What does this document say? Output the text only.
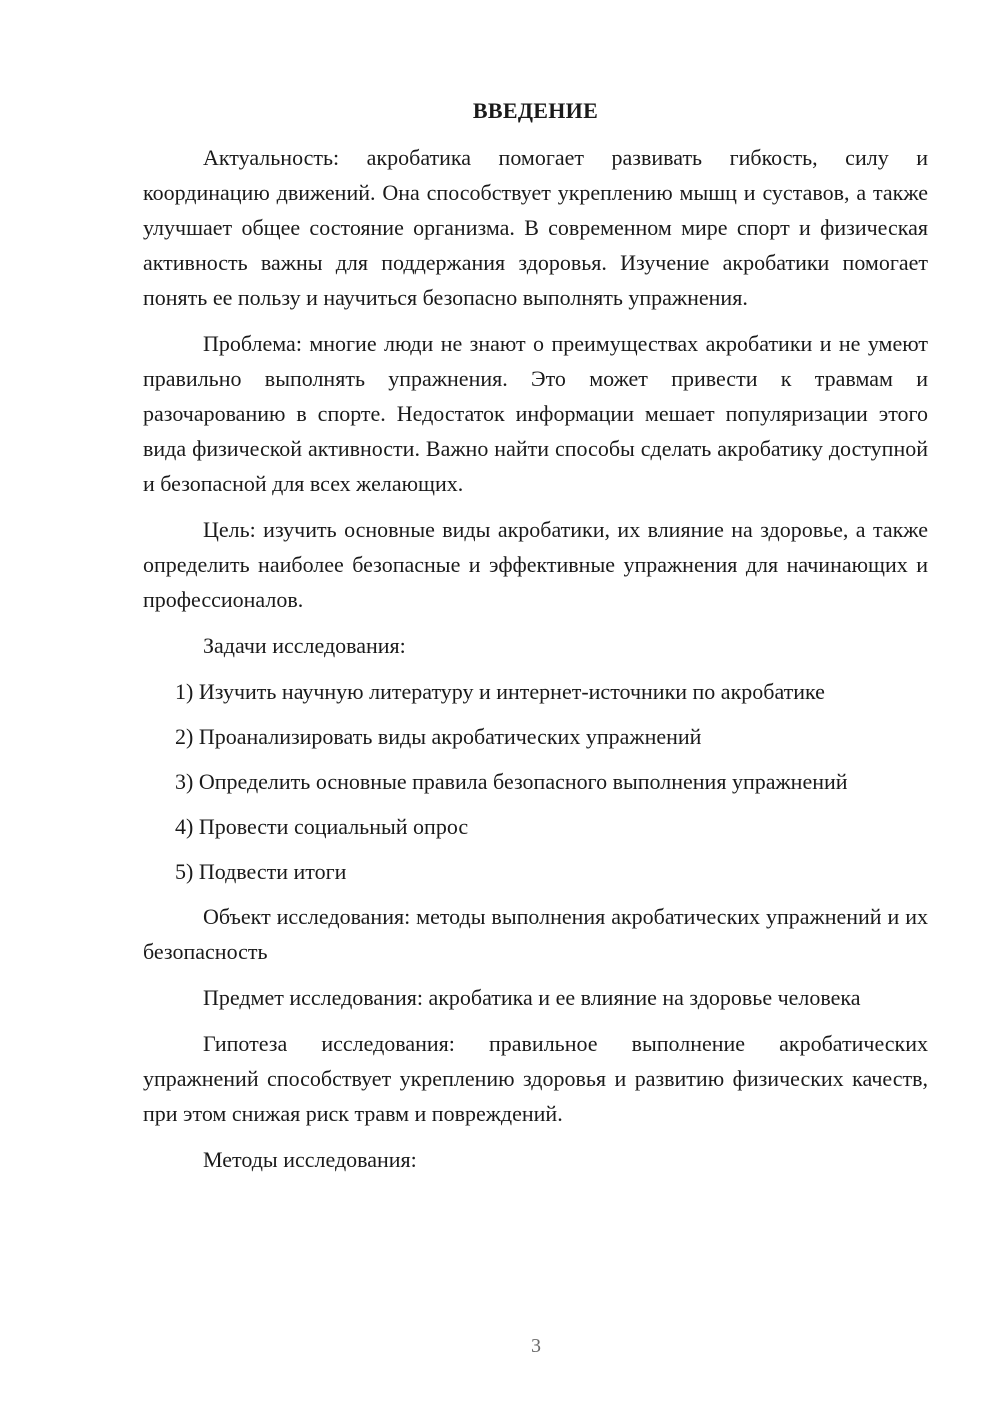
ВВЕДЕНИЕ

Актуальность: акробатика помогает развивать гибкость, силу и координацию движений. Она способствует укреплению мышц и суставов, а также улучшает общее состояние организма. В современном мире спорт и физическая активность важны для поддержания здоровья. Изучение акробатики помогает понять ее пользу и научиться безопасно выполнять упражнения.

Проблема: многие люди не знают о преимуществах акробатики и не умеют правильно выполнять упражнения. Это может привести к травмам и разочарованию в спорте. Недостаток информации мешает популяризации этого вида физической активности. Важно найти способы сделать акробатику доступной и безопасной для всех желающих.

Цель: изучить основные виды акробатики, их влияние на здоровье, а также определить наиболее безопасные и эффективные упражнения для начинающих и профессионалов.

Задачи исследования:

1) Изучить научную литературу и интернет-источники по акробатике

2) Проанализировать виды акробатических упражнений

3) Определить основные правила безопасного выполнения упражнений

4) Провести социальный опрос

5) Подвести итоги

Объект исследования: методы выполнения акробатических упражнений и их безопасность

Предмет исследования: акробатика и ее влияние на здоровье человека

Гипотеза исследования: правильное выполнение акробатических упражнений способствует укреплению здоровья и развитию физических качеств, при этом снижая риск травм и повреждений.

Методы исследования:

3
